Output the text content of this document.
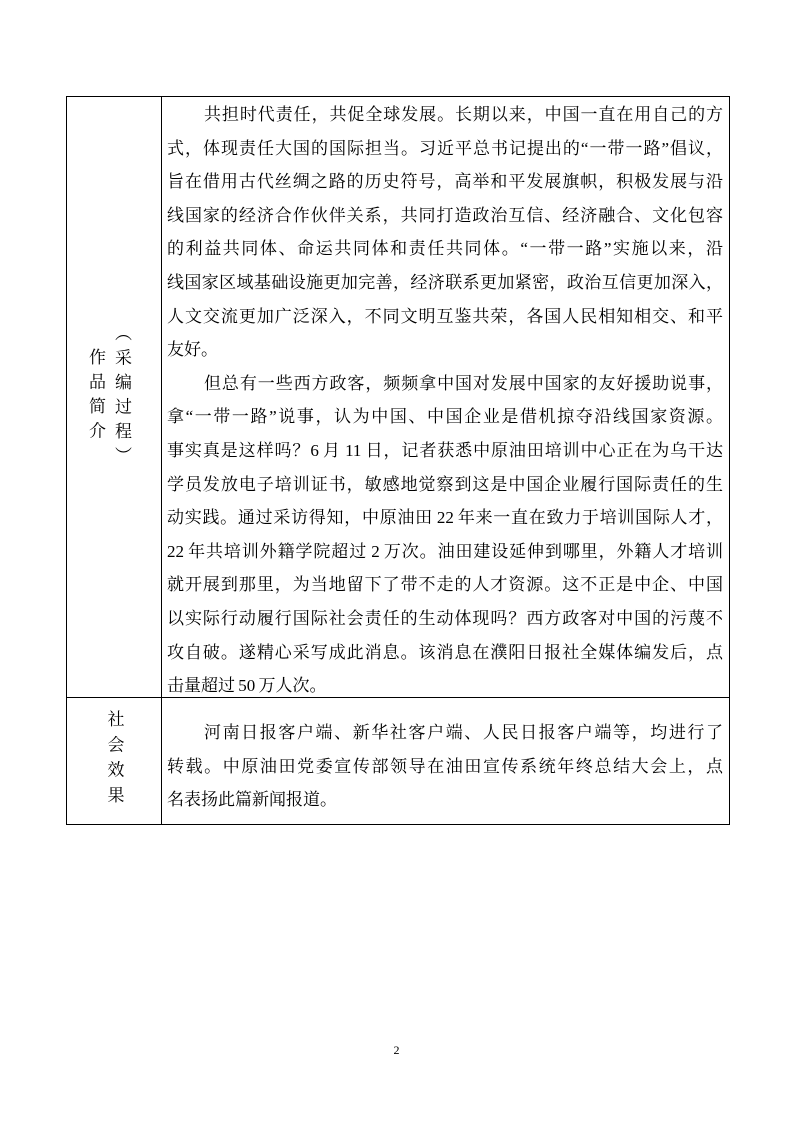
作品简介 （采编过程）
共担时代责任，共促全球发展。长期以来，中国一直在用自己的方
式，体现责任大国的国际担当。习近平总书记提出的“一带一路”倡议，
旨在借用古代丝绸之路的历史符号，高举和平发展旗帜，积极发展与沿
线国家的经济合作伙伴关系，共同打造政治互信、经济融合、文化包容
的利益共同体、命运共同体和责任共同体。“一带一路”实施以来，沿
线国家区域基础设施更加完善，经济联系更加紧密，政治互信更加深入，
人文交流更加广泛深入，不同文明互鉴共荣，各国人民相知相交、和平
友好。
但总有一些西方政客，频频拿中国对发展中国家的友好援助说事，
拿“一带一路”说事，认为中国、中国企业是借机掠夺沿线国家资源。
事实真是这样吗？6 月 11 日，记者获悉中原油田培训中心正在为乌干达
学员发放电子培训证书，敏感地觉察到这是中国企业履行国际责任的生
动实践。通过采访得知，中原油田 22 年来一直在致力于培训国际人才，
22 年共培训外籍学院超过 2 万次。油田建设延伸到哪里，外籍人才培训
就开展到那里，为当地留下了带不走的人才资源。这不正是中企、中国
以实际行动履行国际社会责任的生动体现吗？西方政客对中国的污蔑不
攻自破。遂精心采写成此消息。该消息在濮阳日报社全媒体编发后，点
击量超过 50 万人次。
社会效果	河南日报客户端、新华社客户端、人民日报客户端等，均进行了
转载。中原油田党委宣传部领导在油田宣传系统年终总结大会上，点
名表扬此篇新闻报道。
2
